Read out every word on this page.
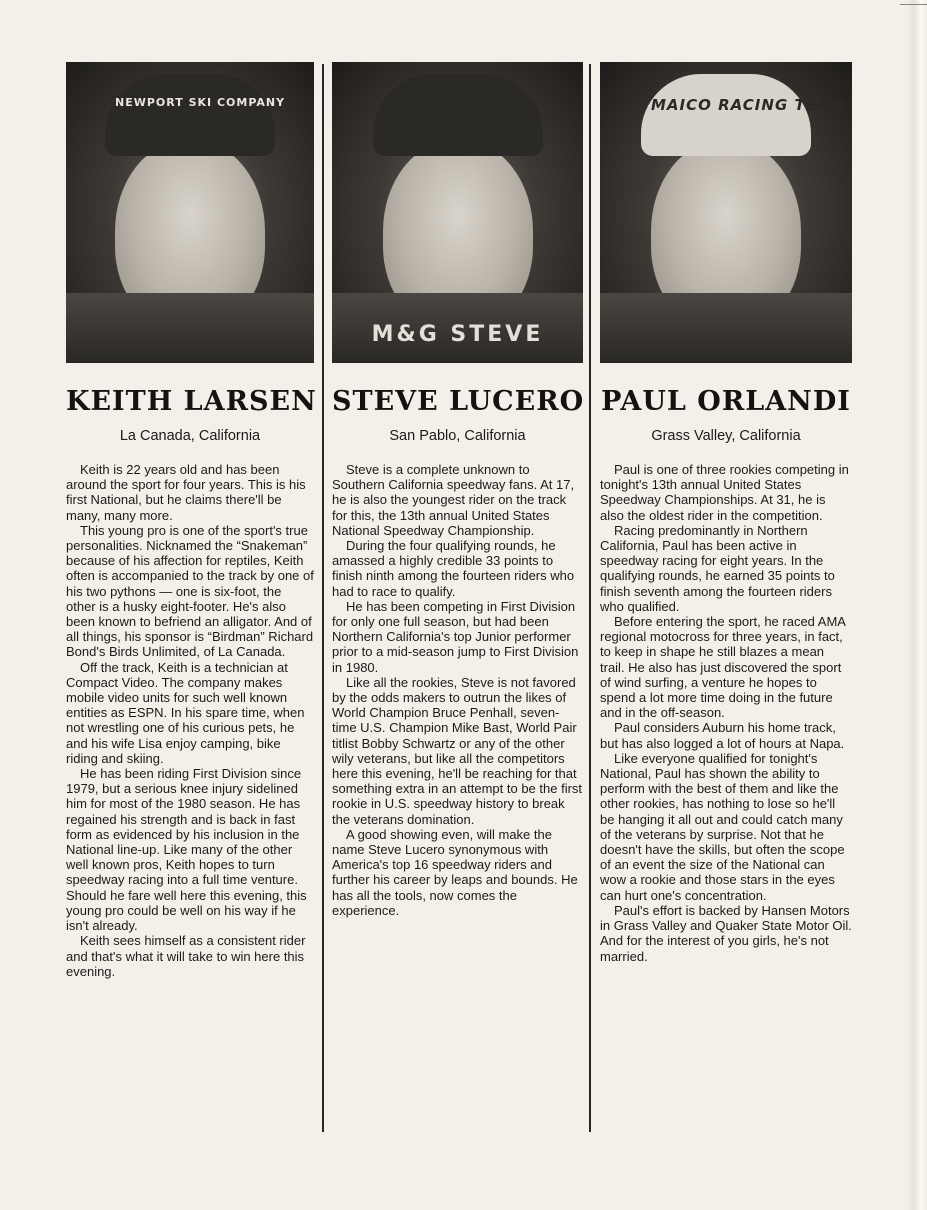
NEWPORT SKI COMPANY
KEITH LARSEN
La Canada, California

Keith is 22 years old and has been around the sport for four years. This is his first National, but he claims there'll be many, many more.

This young pro is one of the sport's true personalities. Nicknamed the “Snakeman” because of his affection for reptiles, Keith often is accompanied to the track by one of his two pythons — one is six-foot, the other is a husky eight-footer. He's also been known to befriend an alligator. And of all things, his sponsor is “Birdman” Richard Bond's Birds Unlimited, of La Canada.

Off the track, Keith is a technician at Compact Video. The company makes mobile video units for such well known entities as ESPN. In his spare time, when not wrestling one of his curious pets, he and his wife Lisa enjoy camping, bike riding and skiing.

He has been riding First Division since 1979, but a serious knee injury sidelined him for most of the 1980 season. He has regained his strength and is back in fast form as evidenced by his inclusion in the National line-up. Like many of the other well known pros, Keith hopes to turn speedway racing into a full time venture. Should he fare well here this evening, this young pro could be well on his way if he isn't already.

Keith sees himself as a consistent rider and that's what it will take to win here this evening.

M&G STEVE
STEVE LUCERO
San Pablo, California

Steve is a complete unknown to Southern California speedway fans. At 17, he is also the youngest rider on the track for this, the 13th annual United States National Speedway Championship.

During the four qualifying rounds, he amassed a highly credible 33 points to finish ninth among the fourteen riders who had to race to qualify.

He has been competing in First Division for only one full season, but had been Northern California's top Junior performer prior to a mid-season jump to First Division in 1980.

Like all the rookies, Steve is not favored by the odds makers to outrun the likes of World Champion Bruce Penhall, seven-time U.S. Champion Mike Bast, World Pair titlist Bobby Schwartz or any of the other wily veterans, but like all the competitors here this evening, he'll be reaching for that something extra in an attempt to be the first rookie in U.S. speedway history to break the veterans domination.

A good showing even, will make the name Steve Lucero synonymous with America's top 16 speedway riders and further his career by leaps and bounds. He has all the tools, now comes the experience.

MAICO RACING TEAM
PAUL ORLANDI
Grass Valley, California

Paul is one of three rookies competing in tonight's 13th annual United States Speedway Championships. At 31, he is also the oldest rider in the competition.

Racing predominantly in Northern California, Paul has been active in speedway racing for eight years. In the qualifying rounds, he earned 35 points to finish seventh among the fourteen riders who qualified.

Before entering the sport, he raced AMA regional motocross for three years, in fact, to keep in shape he still blazes a mean trail. He also has just discovered the sport of wind surfing, a venture he hopes to spend a lot more time doing in the future and in the off-season.

Paul considers Auburn his home track, but has also logged a lot of hours at Napa.

Like everyone qualified for tonight's National, Paul has shown the ability to perform with the best of them and like the other rookies, has nothing to lose so he'll be hanging it all out and could catch many of the veterans by surprise. Not that he doesn't have the skills, but often the scope of an event the size of the National can wow a rookie and those stars in the eyes can hurt one's concentration.

Paul's effort is backed by Hansen Motors in Grass Valley and Quaker State Motor Oil. And for the interest of you girls, he's not married.
